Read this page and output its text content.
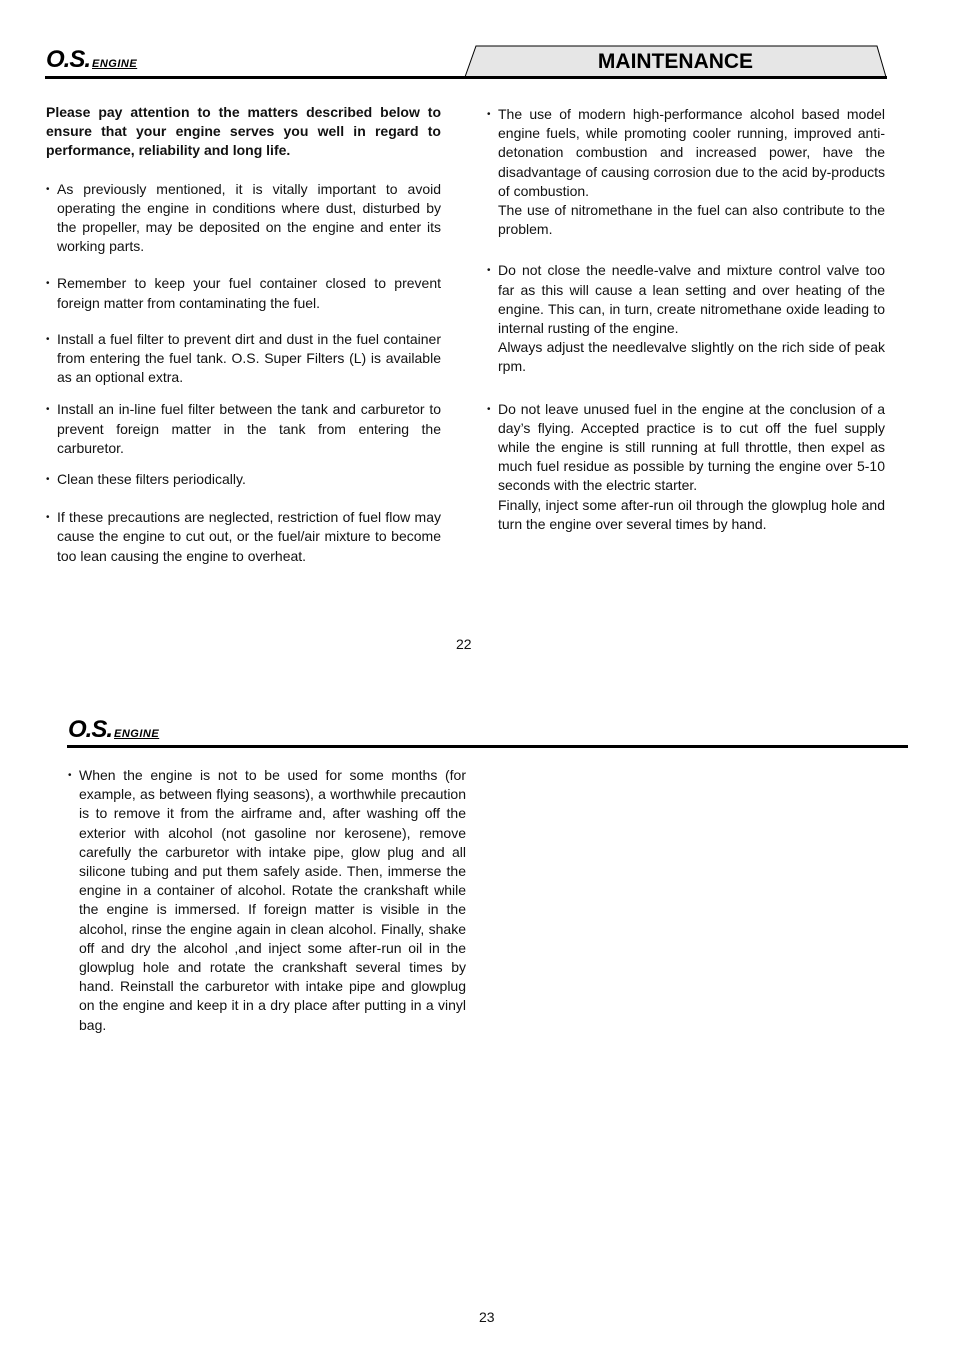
O.S. ENGINE	MAINTENANCE

Please pay attention to the matters described below to ensure that your engine serves you well in regard to performance, reliability and long life.

• As previously mentioned, it is vitally important to avoid operating the engine in conditions where dust, disturbed by the propeller, may be deposited on the engine and enter its working parts.

• Remember to keep your fuel container closed to prevent foreign matter from contaminating the fuel.

• Install a fuel filter to prevent dirt and dust in the fuel container from entering the fuel tank. O.S. Super Filters (L) is available as an optional extra.

• Install an in-line fuel filter between the tank and carburetor to prevent foreign matter in the tank from entering the carburetor.

• Clean these filters periodically.

• If these precautions are neglected, restriction of fuel flow may cause the engine to cut out, or the fuel/air mixture to become too lean causing the engine to overheat.

• The use of modern high-performance alcohol based model engine fuels, while promoting cooler running, improved anti-detonation combustion and increased power, have the disadvantage of causing corrosion due to the acid by-products of combustion.

The use of nitromethane in the fuel can also contribute to the problem.

• Do not close the needle-valve and mixture control valve too far as this will cause a lean setting and over heating of the engine. This can, in turn, create nitromethane oxide leading to internal rusting of the engine.

Always adjust the needlevalve slightly on the rich side of peak rpm.

• Do not leave unused fuel in the engine at the conclusion of a day’s flying. Accepted practice is to cut off the fuel supply while the engine is still running at full throttle, then expel as much fuel residue as possible by turning the engine over 5-10 seconds with the electric starter.

Finally, inject some after-run oil through the glowplug hole and turn the engine over several times by hand.

22
O.S. ENGINE
• When the engine is not to be used for some months (for example, as between flying seasons), a worthwhile precaution is to remove it from the airframe and, after washing off the exterior with alcohol (not gasoline nor kerosene), remove carefully the carburetor with intake pipe, glow plug and all silicone tubing and put them safely aside. Then, immerse the engine in a container of alcohol. Rotate the crankshaft while the engine is immersed. If foreign matter is visible in the alcohol, rinse the engine again in clean alcohol. Finally, shake off and dry the alcohol ,and inject some after-run oil in the glowplug hole and rotate the crankshaft several times by hand. Reinstall the carburetor with intake pipe and glowplug on the engine and keep it in a dry place after putting in a vinyl bag.

23
